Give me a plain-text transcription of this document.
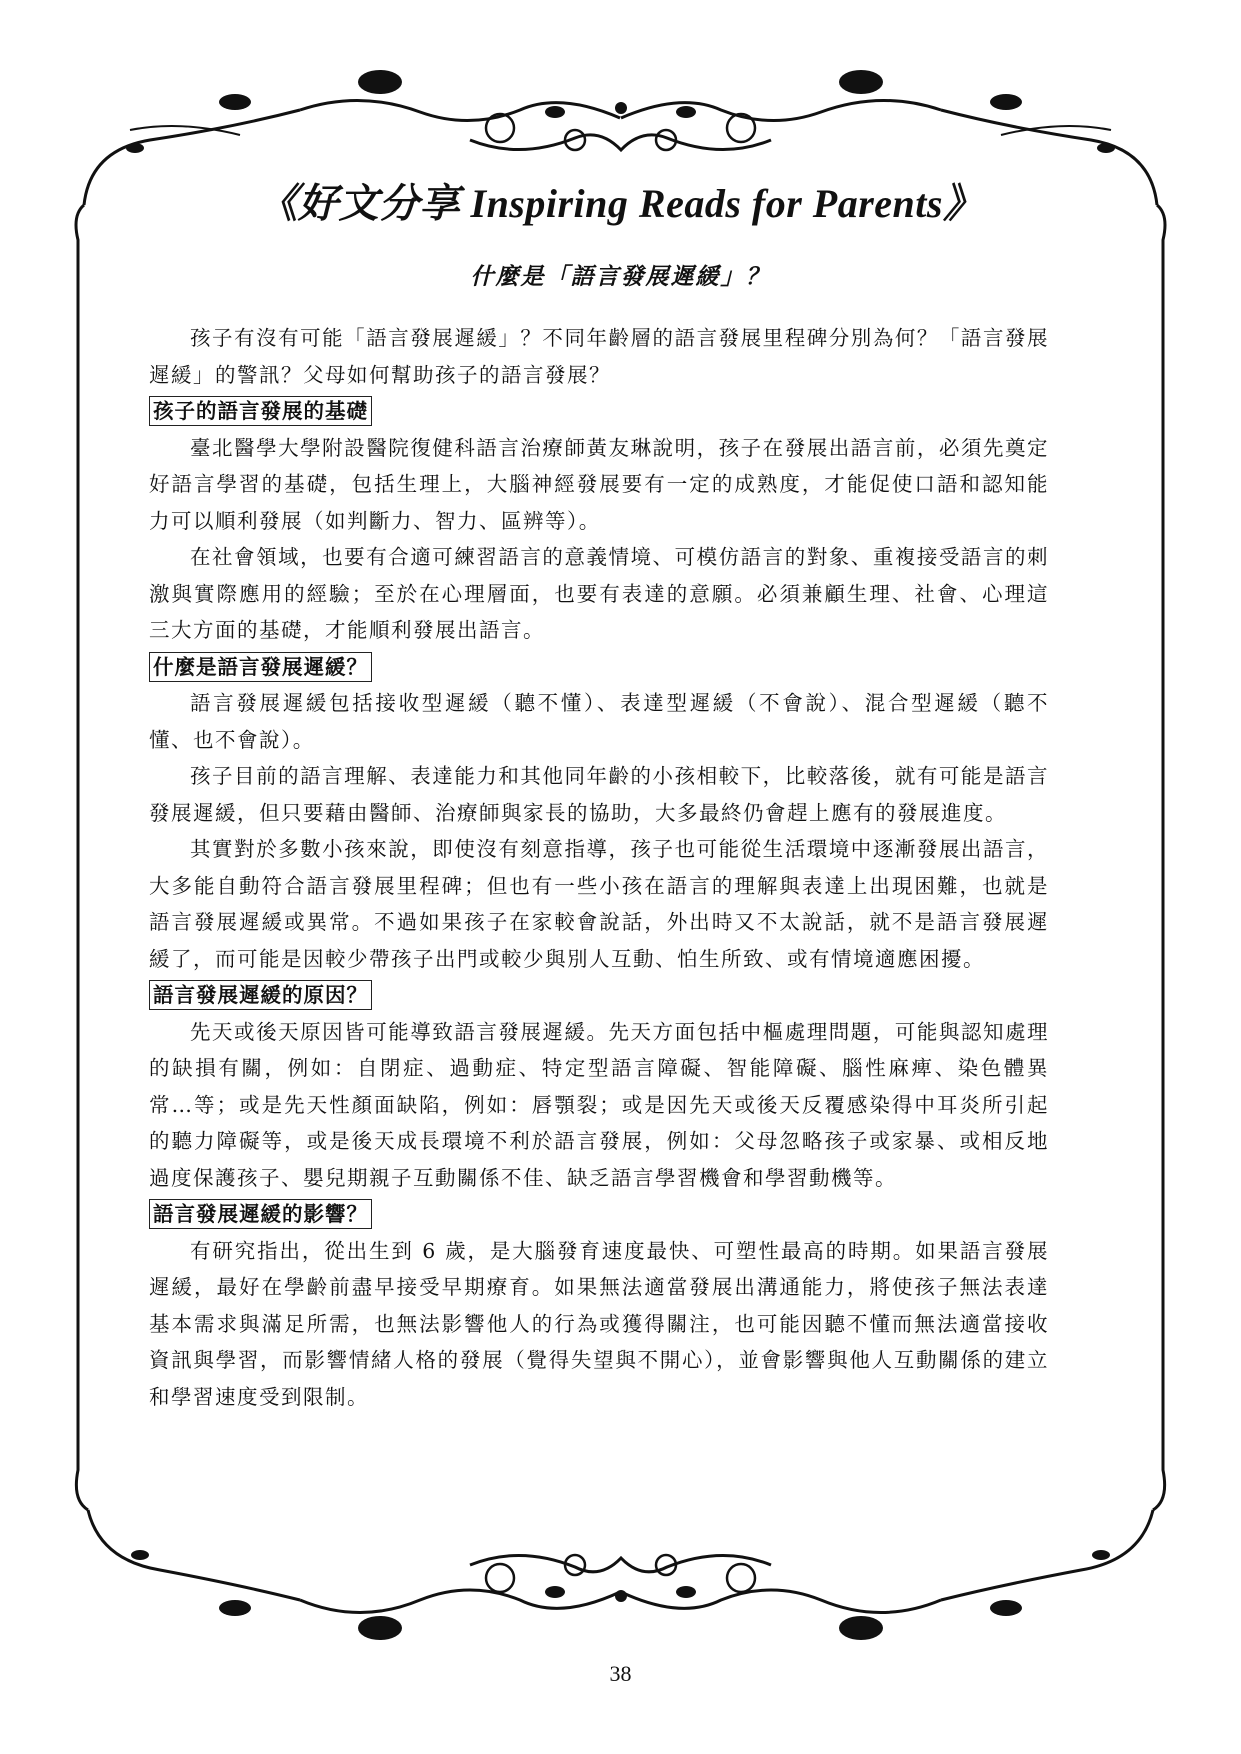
《好文分享 Inspiring Reads for Parents》
什麼是「語言發展遲緩」？

孩子有沒有可能「語言發展遲緩」？不同年齡層的語言發展里程碑分別為何？「語言發展遲緩」的警訊？父母如何幫助孩子的語言發展？

孩子的語言發展的基礎

臺北醫學大學附設醫院復健科語言治療師黃友琳說明，孩子在發展出語言前，必須先奠定好語言學習的基礎，包括生理上，大腦神經發展要有一定的成熟度，才能促使口語和認知能力可以順利發展（如判斷力、智力、區辨等）。

在社會領域，也要有合適可練習語言的意義情境、可模仿語言的對象、重複接受語言的刺激與實際應用的經驗；至於在心理層面，也要有表達的意願。必須兼顧生理、社會、心理這三大方面的基礎，才能順利發展出語言。

什麼是語言發展遲緩？

語言發展遲緩包括接收型遲緩（聽不懂）、表達型遲緩（不會說）、混合型遲緩（聽不懂、也不會說）。

孩子目前的語言理解、表達能力和其他同年齡的小孩相較下，比較落後，就有可能是語言發展遲緩，但只要藉由醫師、治療師與家長的協助，大多最終仍會趕上應有的發展進度。

其實對於多數小孩來說，即使沒有刻意指導，孩子也可能從生活環境中逐漸發展出語言，大多能自動符合語言發展里程碑；但也有一些小孩在語言的理解與表達上出現困難，也就是語言發展遲緩或異常。不過如果孩子在家較會說話，外出時又不太說話，就不是語言發展遲緩了，而可能是因較少帶孩子出門或較少與別人互動、怕生所致、或有情境適應困擾。

語言發展遲緩的原因？

先天或後天原因皆可能導致語言發展遲緩。先天方面包括中樞處理問題，可能與認知處理的缺損有關，例如：自閉症、過動症、特定型語言障礙、智能障礙、腦性麻痺、染色體異常…等；或是先天性顏面缺陷，例如：唇顎裂；或是因先天或後天反覆感染得中耳炎所引起的聽力障礙等，或是後天成長環境不利於語言發展，例如：父母忽略孩子或家暴、或相反地過度保護孩子、嬰兒期親子互動關係不佳、缺乏語言學習機會和學習動機等。

語言發展遲緩的影響？

有研究指出，從出生到 6 歲，是大腦發育速度最快、可塑性最高的時期。如果語言發展遲緩，最好在學齡前盡早接受早期療育。如果無法適當發展出溝通能力，將使孩子無法表達基本需求與滿足所需，也無法影響他人的行為或獲得關注，也可能因聽不懂而無法適當接收資訊與學習，而影響情緒人格的發展（覺得失望與不開心），並會影響與他人互動關係的建立和學習速度受到限制。

38
